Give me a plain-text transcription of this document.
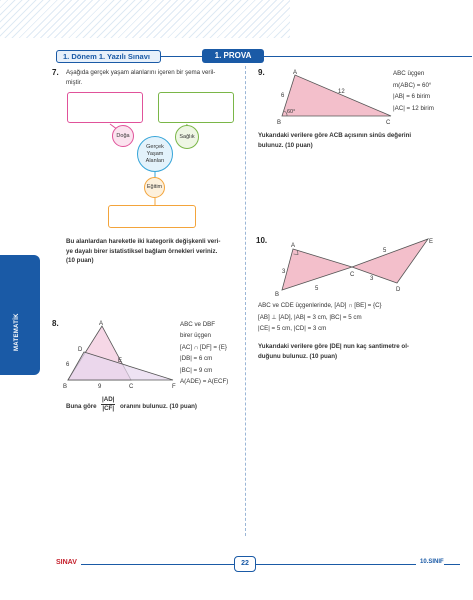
1. Dönem 1. Yazılı Sınavı	1. PROVA
MATEMATİK
7. Aşağıda gerçek yaşam alanlarını içeren bir şema veril-
miştir.
Doğa	Sağlık
Gerçek Yaşam Alanları
Eğitim
Bu alanlardan hareketle iki kategorik değişkenli veri-
ye dayalı birer istatistiksel bağlam örnekleri veriniz.
(10 puan)
8.	A
D
E
B	C	F
6
9
ABC ve DBF
birer üçgen
[AC] ∩ [DF] = {E}
|DB| = 6 cm
|BC| = 9 cm
A(ADE) = A(ECF)
Buna göre $\frac{|AD|}{|CF|}$ oranını bulunuz. (10 puan)
9.	A
B	C
6
12
60°
ABC üçgen
m(ABC) = 60°
|AB| = 6 birim
|AC| = 12 birim
Yukarıdaki verilere göre ACB açısının sinüs değerini
bulunuz. (10 puan)
10.
A
B
C
D
E
3
5
5
3
ABC ve CDE üçgenlerinde, [AD] ∩ [BE] = {C}
[AB] ⊥ [AD], |AB| = 3 cm, |BC| = 5 cm
|CE| = 5 cm, |CD| = 3 cm
Yukarıdaki verilere göre |DE| nun kaç santimetre ol-
duğunu bulunuz. (10 puan)
SINAV	22	10.SINIF
